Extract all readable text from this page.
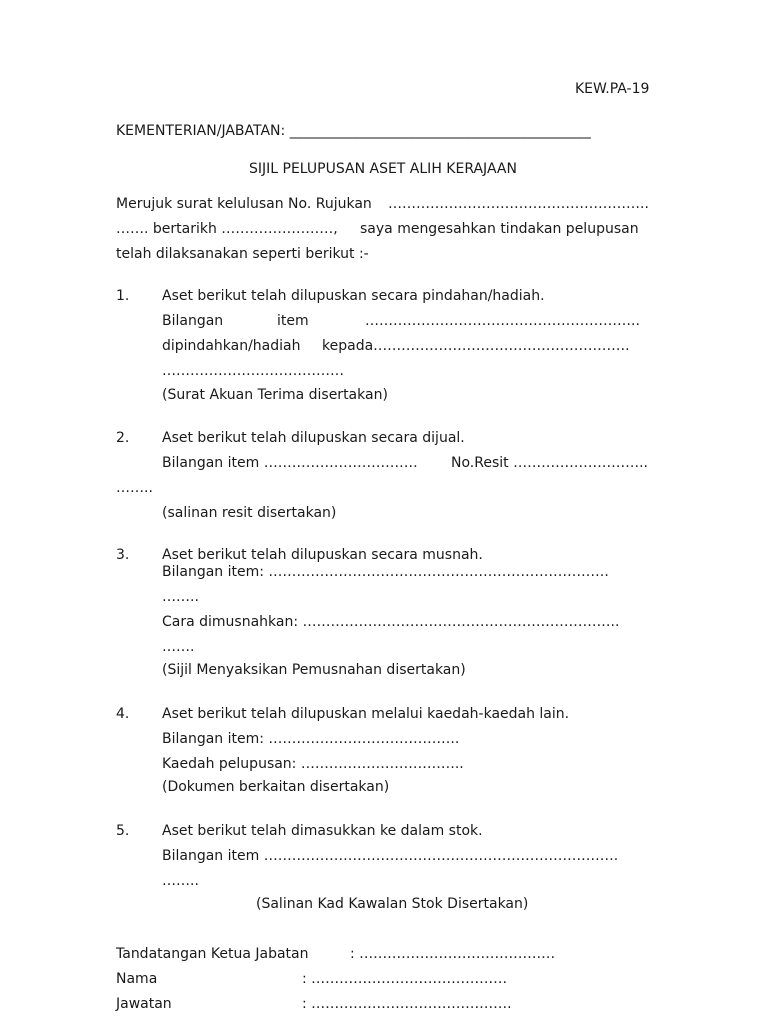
KEW.PA-19
KEMENTERIAN/JABATAN: ___________________________________________
SIJIL PELUPUSAN ASET ALIH KERAJAAN
Merujuk surat kelulusan No. Rujukan ………………………………………………..
……. bertarikh ……………………, saya mengesahkan tindakan pelupusan
telah dilaksanakan seperti berikut :-
1. Aset berikut telah dilupuskan secara pindahan/hadiah.
Bilangan	item	…………………………………………………..
dipindahkan/hadiah kepada……………………………………………….
…………………………………
(Surat Akuan Terima disertakan)
2. Aset berikut telah dilupuskan secara dijual.
Bilangan item …………………………… No.Resit ………………………..
……..
(salinan resit disertakan)
3. Aset berikut telah dilupuskan secara musnah.
Bilangan item: ……………………………………………………………….
……..
Cara dimusnahkan: …………………………………………………………..
…….
(Sijil Menyaksikan Pemusnahan disertakan)
4. Aset berikut telah dilupuskan melalui kaedah-kaedah lain.
Bilangan item: …………………………………..
Kaedah pelupusan: ……………………………..
(Dokumen berkaitan disertakan)
5. Aset berikut telah dimasukkan ke dalam stok.
Bilangan item ………………………………………………………………….
……..
(Salinan Kad Kawalan Stok Disertakan)
Tandatangan Ketua Jabatan	: ……………………………………
Nama	: ……………………………………
Jawatan	: …………………………………….
